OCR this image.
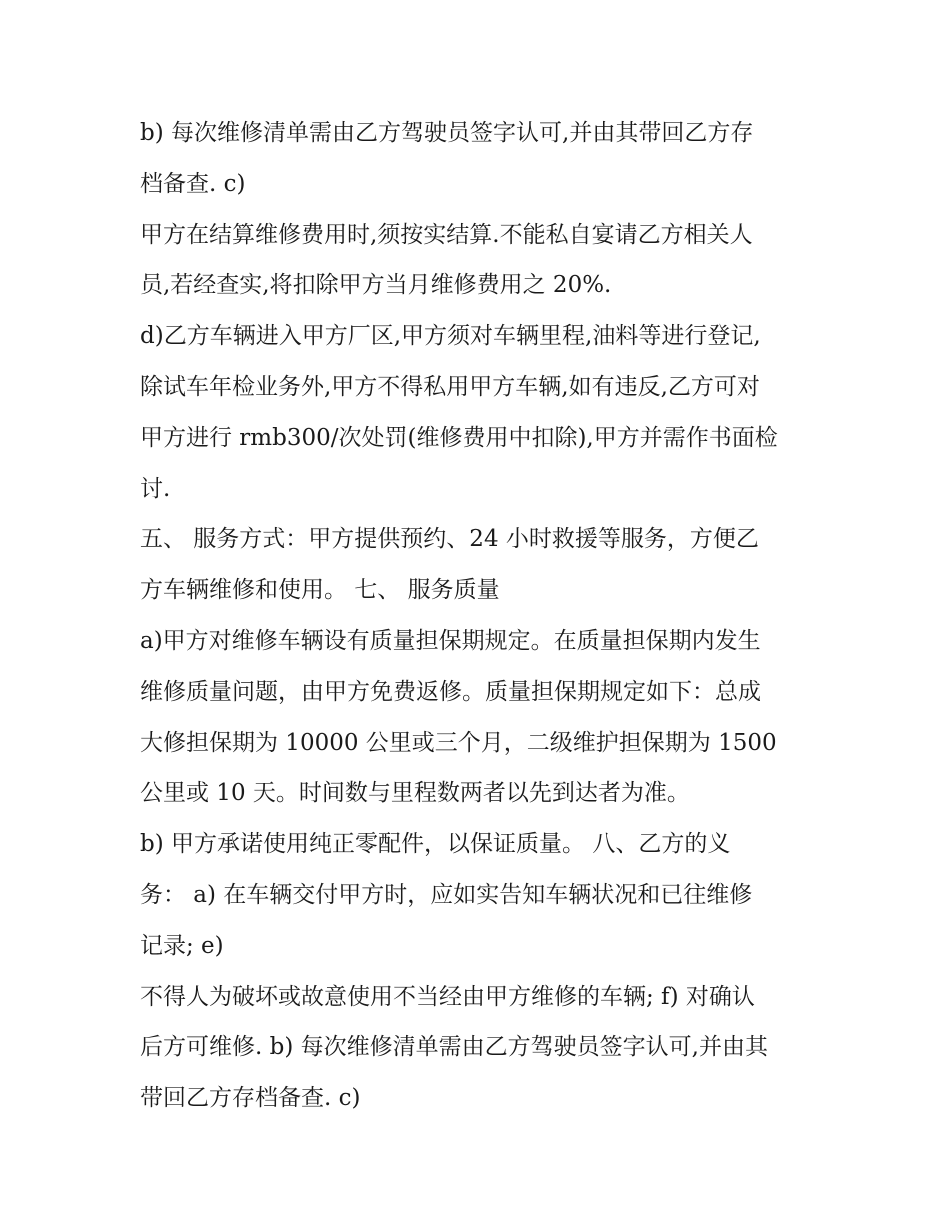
b) 每次维修清单需由乙方驾驶员签字认可,并由其带回乙方存
档备查. c)
甲方在结算维修费用时,须按实结算.不能私自宴请乙方相关人
员,若经查实,将扣除甲方当月维修费用之 20%.
d)乙方车辆进入甲方厂区,甲方须对车辆里程,油料等进行登记,
除试车年检业务外,甲方不得私用甲方车辆,如有违反,乙方可对
甲方进行 rmb300/次处罚(维修费用中扣除),甲方并需作书面检
讨.
五、 服务方式：甲方提供预约、24 小时救援等服务，方便乙
方车辆维修和使用。 七、 服务质量
a)甲方对维修车辆设有质量担保期规定。在质量担保期内发生
维修质量问题，由甲方免费返修。质量担保期规定如下：总成
大修担保期为 10000 公里或三个月，二级维护担保期为 1500
公里或 10 天。时间数与里程数两者以先到达者为准。
b) 甲方承诺使用纯正零配件，以保证质量。 八、乙方的义
务： a) 在车辆交付甲方时，应如实告知车辆状况和已往维修
记录; e)
不得人为破坏或故意使用不当经由甲方维修的车辆; f) 对确认
后方可维修. b) 每次维修清单需由乙方驾驶员签字认可,并由其
带回乙方存档备查. c)
